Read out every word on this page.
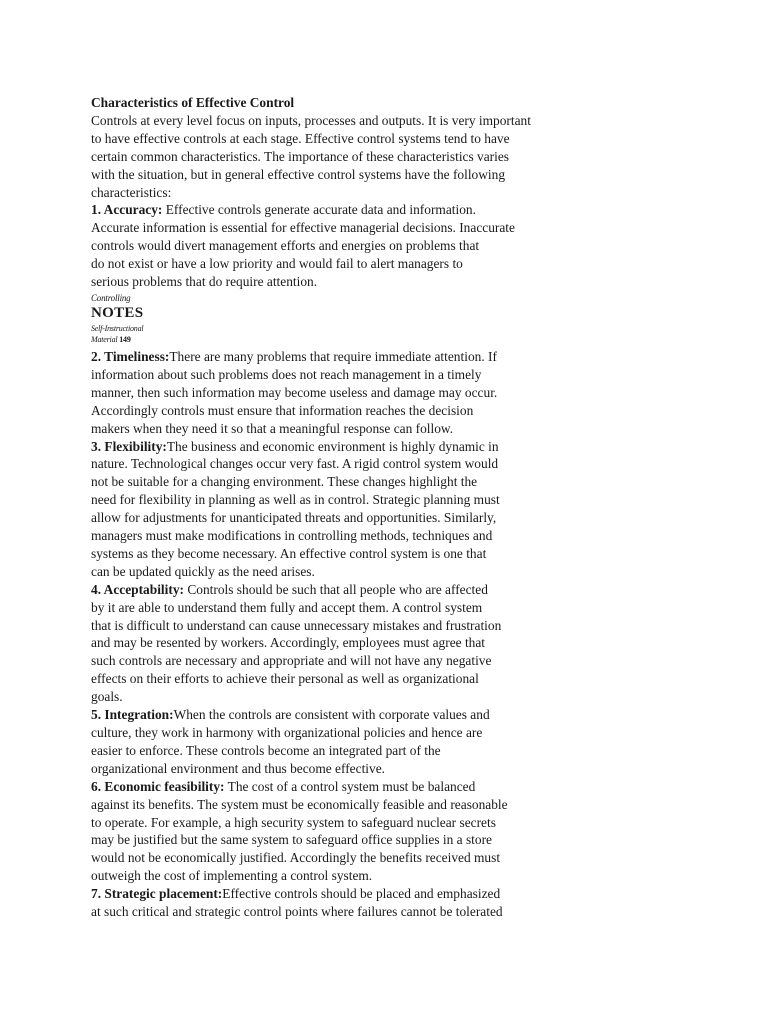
Characteristics of Effective Control
Controls at every level focus on inputs, processes and outputs. It is very important
to have effective controls at each stage. Effective control systems tend to have
certain common characteristics. The importance of these characteristics varies
with the situation, but in general effective control systems have the following
characteristics:
1. Accuracy: Effective controls generate accurate data and information.
Accurate information is essential for effective managerial decisions. Inaccurate
controls would divert management efforts and energies on problems that
do not exist or have a low priority and would fail to alert managers to
serious problems that do require attention.
Controlling
NOTES
Self-Instructional
Material 149
2. Timeliness:There are many problems that require immediate attention. If
information about such problems does not reach management in a timely
manner, then such information may become useless and damage may occur.
Accordingly controls must ensure that information reaches the decision
makers when they need it so that a meaningful response can follow.
3. Flexibility:The business and economic environment is highly dynamic in
nature. Technological changes occur very fast. A rigid control system would
not be suitable for a changing environment. These changes highlight the
need for flexibility in planning as well as in control. Strategic planning must
allow for adjustments for unanticipated threats and opportunities. Similarly,
managers must make modifications in controlling methods, techniques and
systems as they become necessary. An effective control system is one that
can be updated quickly as the need arises.
4. Acceptability: Controls should be such that all people who are affected
by it are able to understand them fully and accept them. A control system
that is difficult to understand can cause unnecessary mistakes and frustration
and may be resented by workers. Accordingly, employees must agree that
such controls are necessary and appropriate and will not have any negative
effects on their efforts to achieve their personal as well as organizational
goals.
5. Integration:When the controls are consistent with corporate values and
culture, they work in harmony with organizational policies and hence are
easier to enforce. These controls become an integrated part of the
organizational environment and thus become effective.
6. Economic feasibility: The cost of a control system must be balanced
against its benefits. The system must be economically feasible and reasonable
to operate. For example, a high security system to safeguard nuclear secrets
may be justified but the same system to safeguard office supplies in a store
would not be economically justified. Accordingly the benefits received must
outweigh the cost of implementing a control system.
7. Strategic placement:Effective controls should be placed and emphasized
at such critical and strategic control points where failures cannot be tolerated
